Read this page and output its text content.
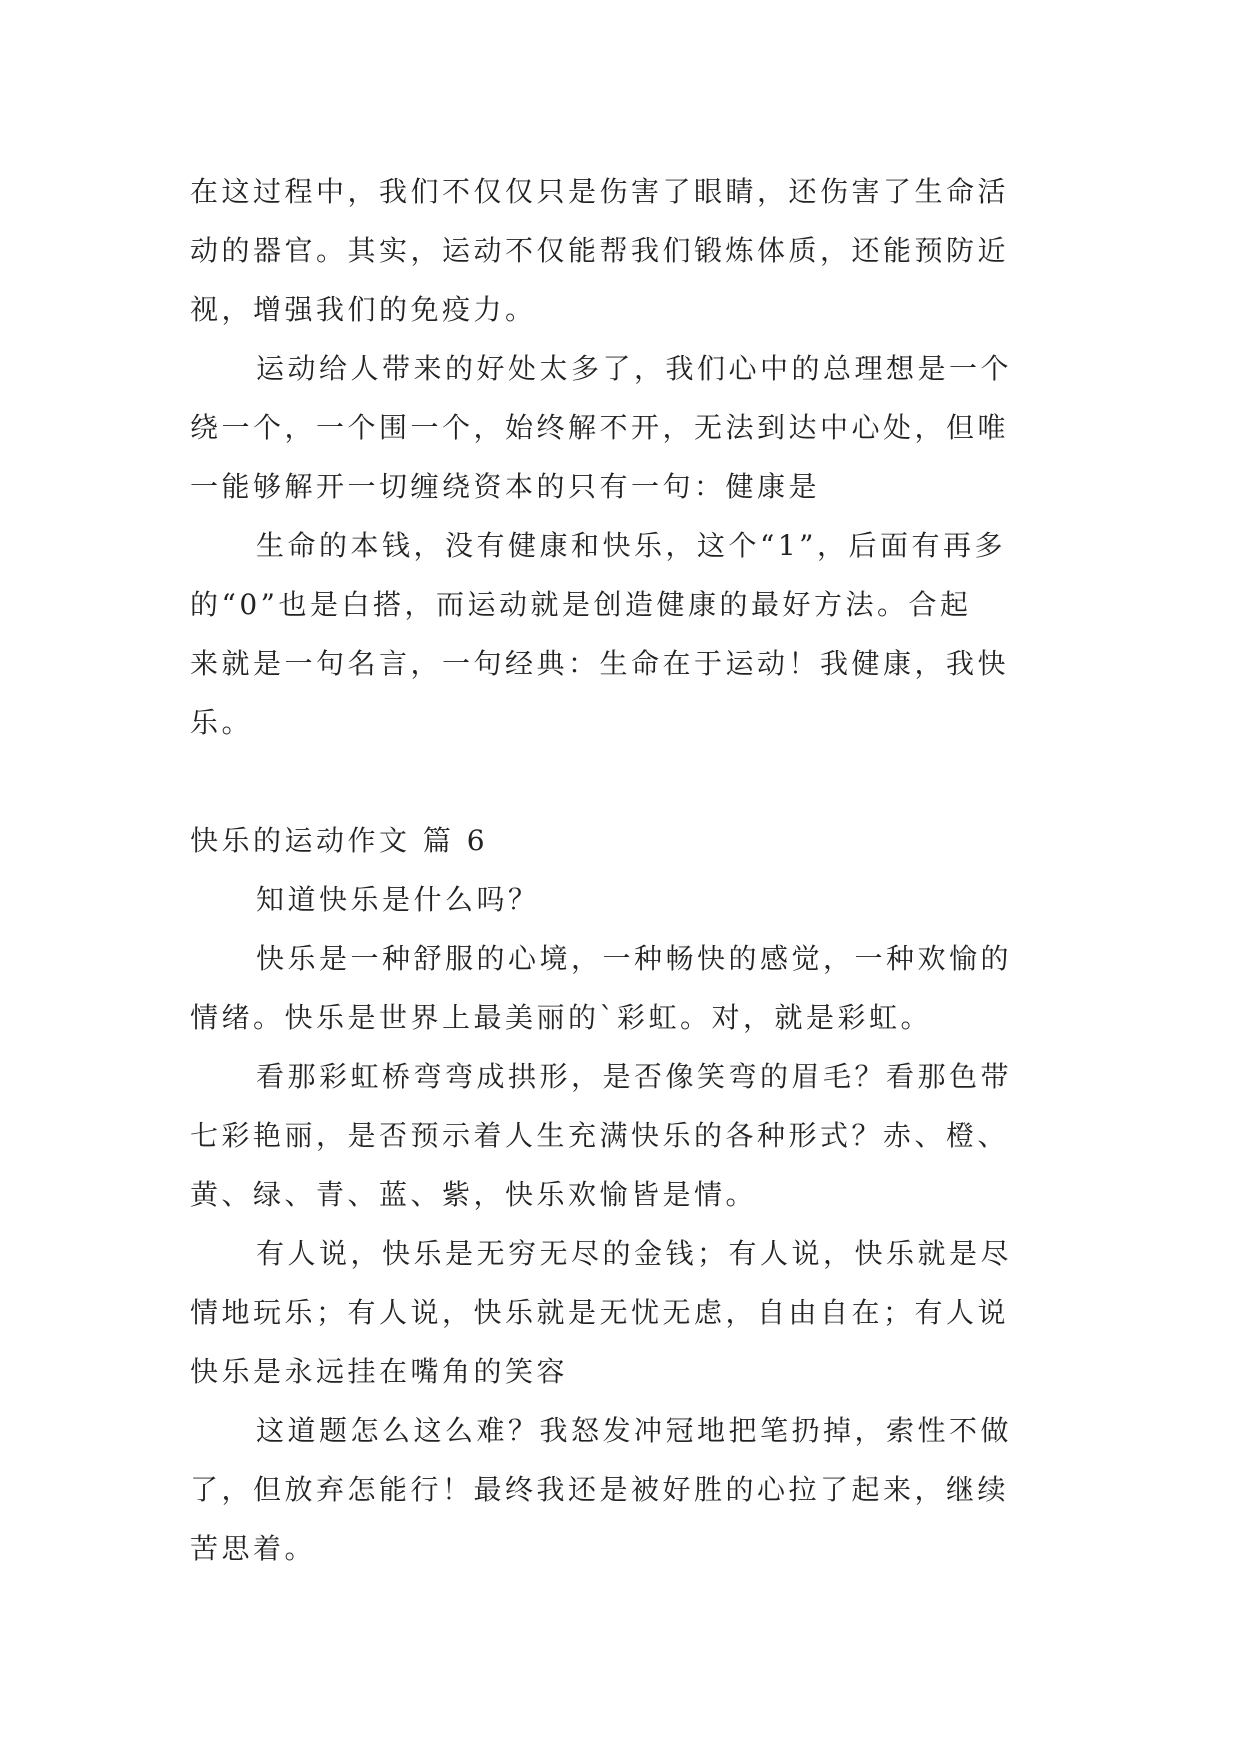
在这过程中，我们不仅仅只是伤害了眼睛，还伤害了生命活

动的器官。其实，运动不仅能帮我们锻炼体质，还能预防近

视，增强我们的免疫力。

运动给人带来的好处太多了，我们心中的总理想是一个

绕一个，一个围一个，始终解不开，无法到达中心处，但唯

一能够解开一切缠绕资本的只有一句：健康是

生命的本钱，没有健康和快乐，这个“1”，后面有再多

的“0”也是白搭，而运动就是创造健康的最好方法。合起

来就是一句名言，一句经典：生命在于运动！我健康，我快

乐。

快乐的运动作文 篇 6

知道快乐是什么吗？

快乐是一种舒服的心境，一种畅快的感觉，一种欢愉的

情绪。快乐是世界上最美丽的`彩虹。对，就是彩虹。

看那彩虹桥弯弯成拱形，是否像笑弯的眉毛？看那色带

七彩艳丽，是否预示着人生充满快乐的各种形式？赤、橙、

黄、绿、青、蓝、紫，快乐欢愉皆是情。

有人说，快乐是无穷无尽的金钱；有人说，快乐就是尽

情地玩乐；有人说，快乐就是无忧无虑，自由自在；有人说

快乐是永远挂在嘴角的笑容

这道题怎么这么难？我怒发冲冠地把笔扔掉，索性不做

了，但放弃怎能行！最终我还是被好胜的心拉了起来，继续

苦思着。
